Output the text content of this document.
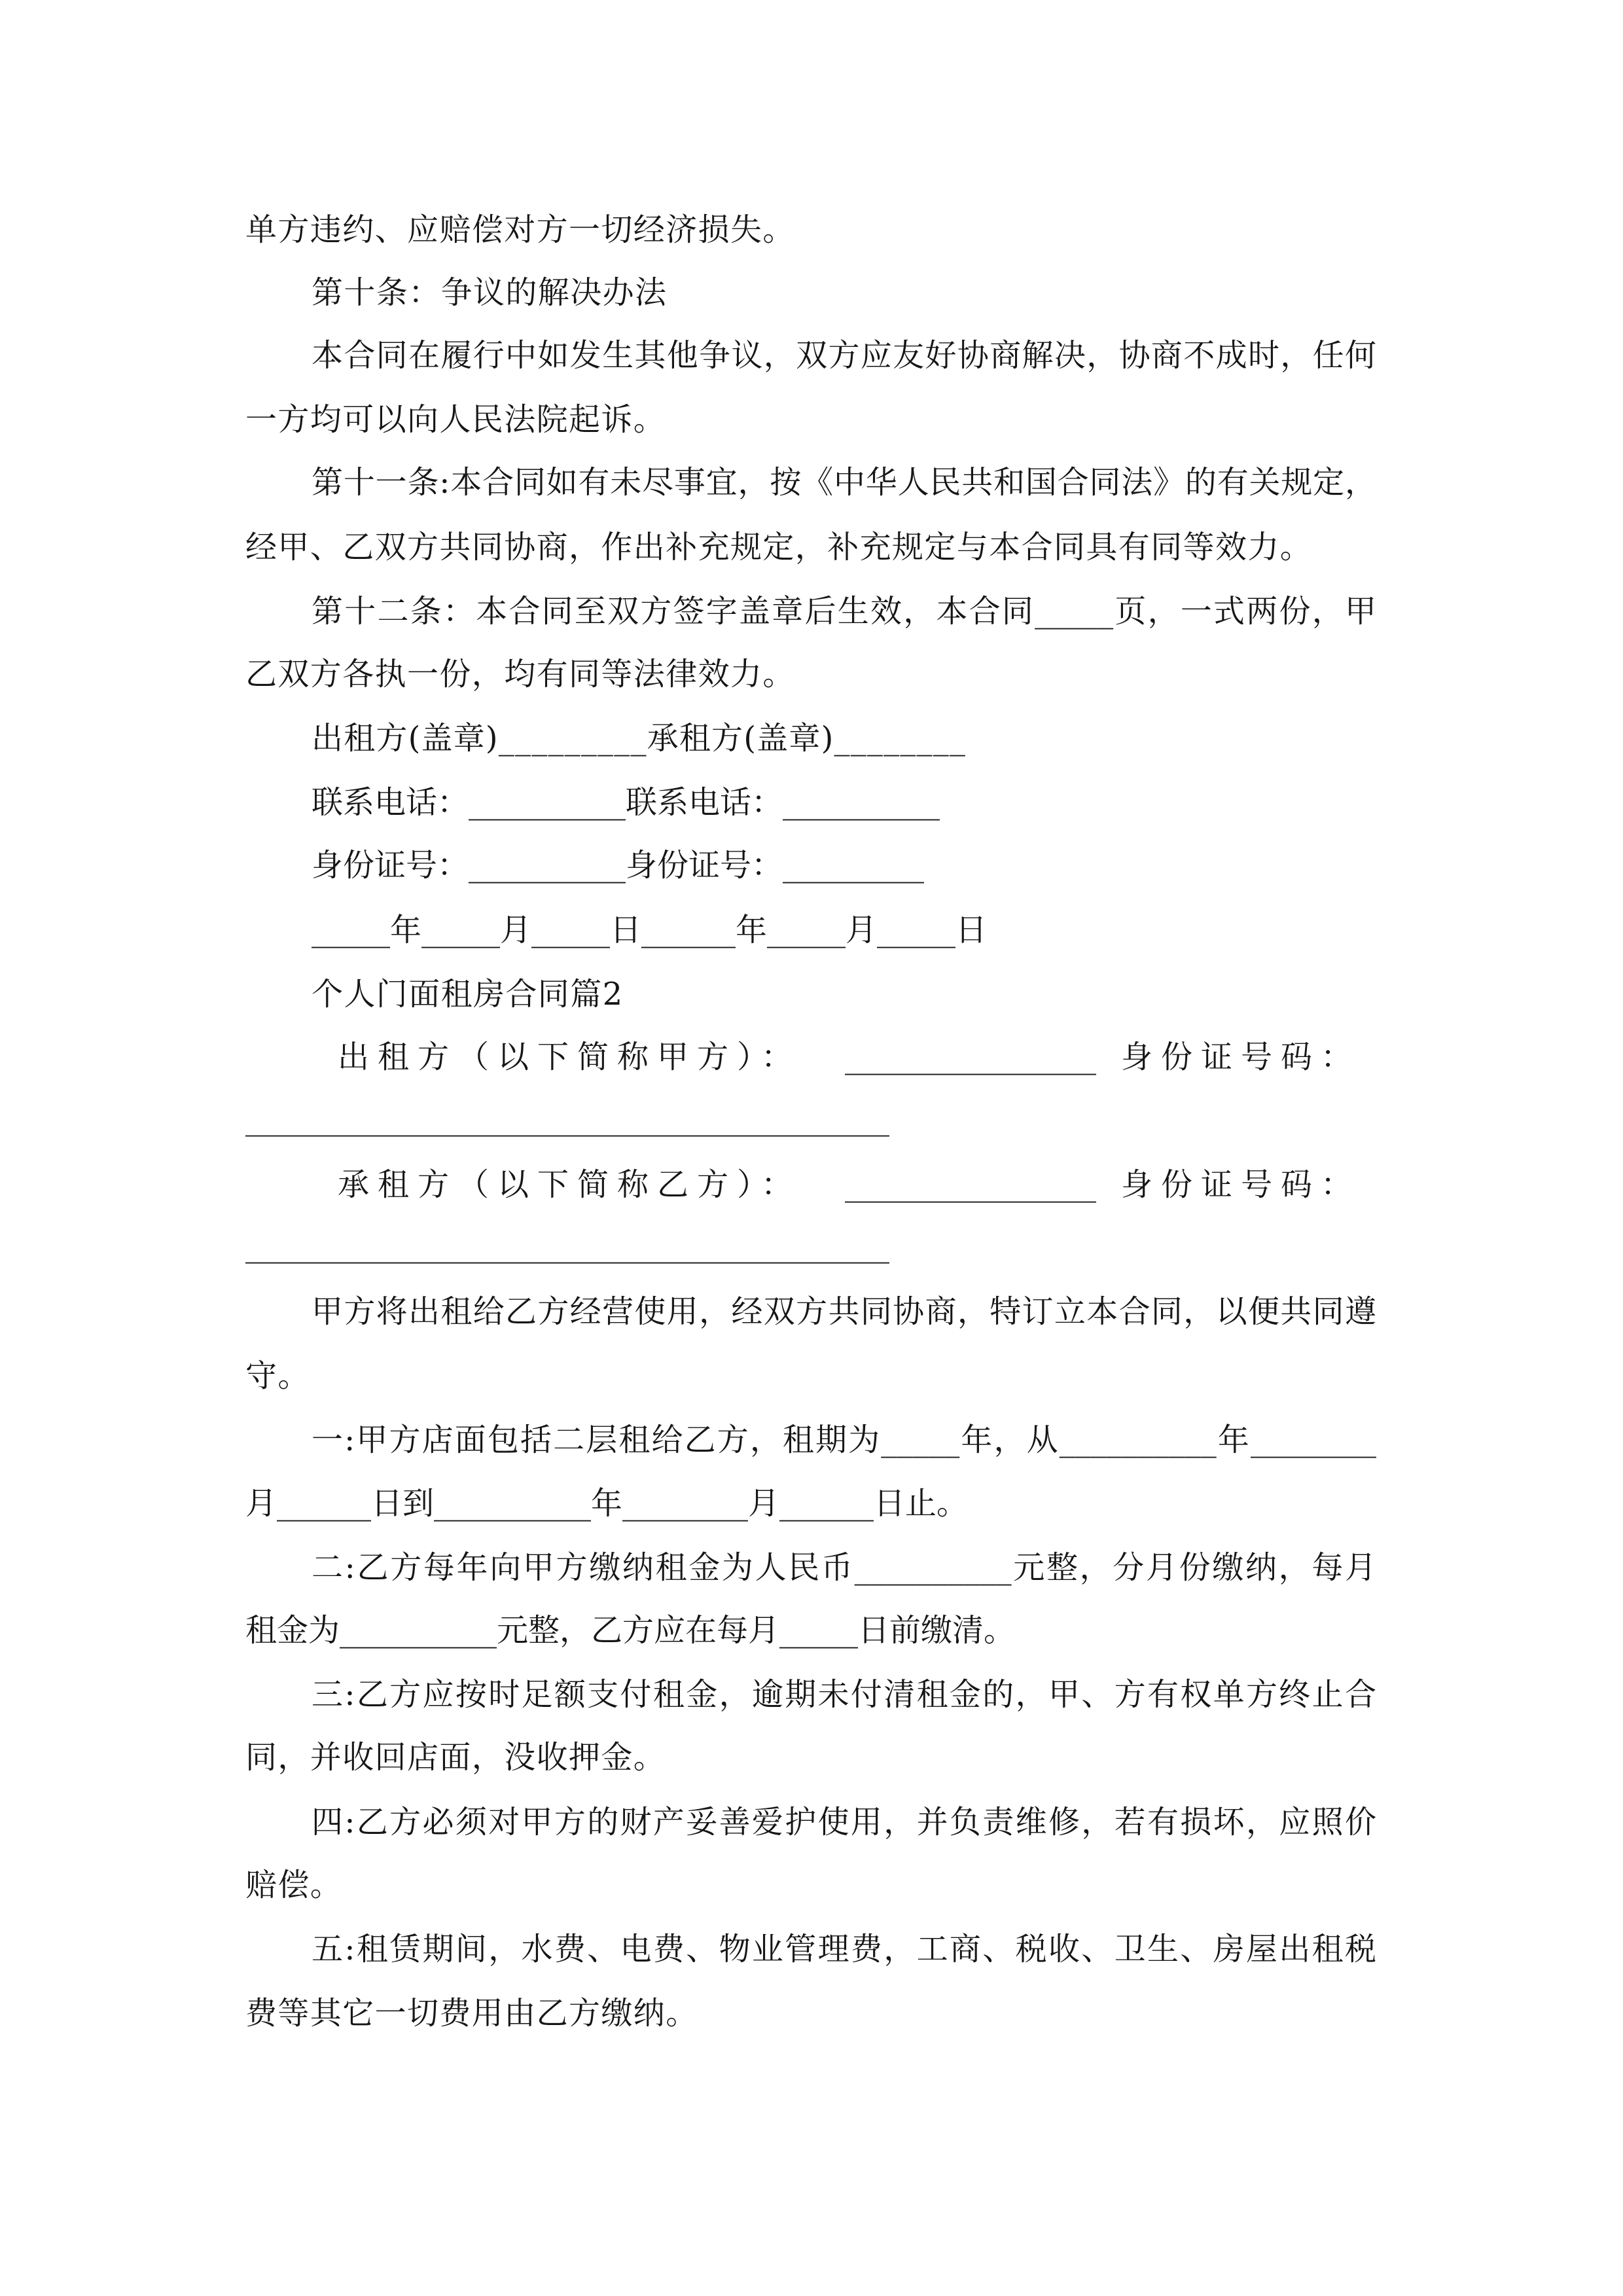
单方违约、应赔偿对方一切经济损失。
第十条：争议的解决办法
本合同在履行中如发生其他争议，双方应友好协商解决，协商不成时，任何
一方均可以向人民法院起诉。
第十一条:本合同如有未尽事宜，按《中华人民共和国合同法》的有关规定，
经甲、乙双方共同协商，作出补充规定，补充规定与本合同具有同等效力。
第十二条：本合同至双方签字盖章后生效，本合同_____页，一式两份，甲
乙双方各执一份，均有同等法律效力。
出租方(盖章)_________承租方(盖章)________
联系电话：__________联系电话：__________
身份证号：__________身份证号：_________
_____年_____月_____日______年_____月_____日
个人门面租房合同篇2
出租方（以下简称甲方）： ________________ 身份证号码：
_________________________________________
承租方（以下简称乙方）： ________________ 身份证号码：
_________________________________________
甲方将出租给乙方经营使用，经双方共同协商，特订立本合同，以便共同遵
守。
一:甲方店面包括二层租给乙方，租期为_____年，从__________年________
月______日到__________年________月______日止。
二:乙方每年向甲方缴纳租金为人民币__________元整，分月份缴纳，每月
租金为__________元整，乙方应在每月_____日前缴清。
三:乙方应按时足额支付租金，逾期未付清租金的，甲、方有权单方终止合
同，并收回店面，没收押金。
四:乙方必须对甲方的财产妥善爱护使用，并负责维修，若有损坏，应照价
赔偿。
五:租赁期间，水费、电费、物业管理费，工商、税收、卫生、房屋出租税
费等其它一切费用由乙方缴纳。
